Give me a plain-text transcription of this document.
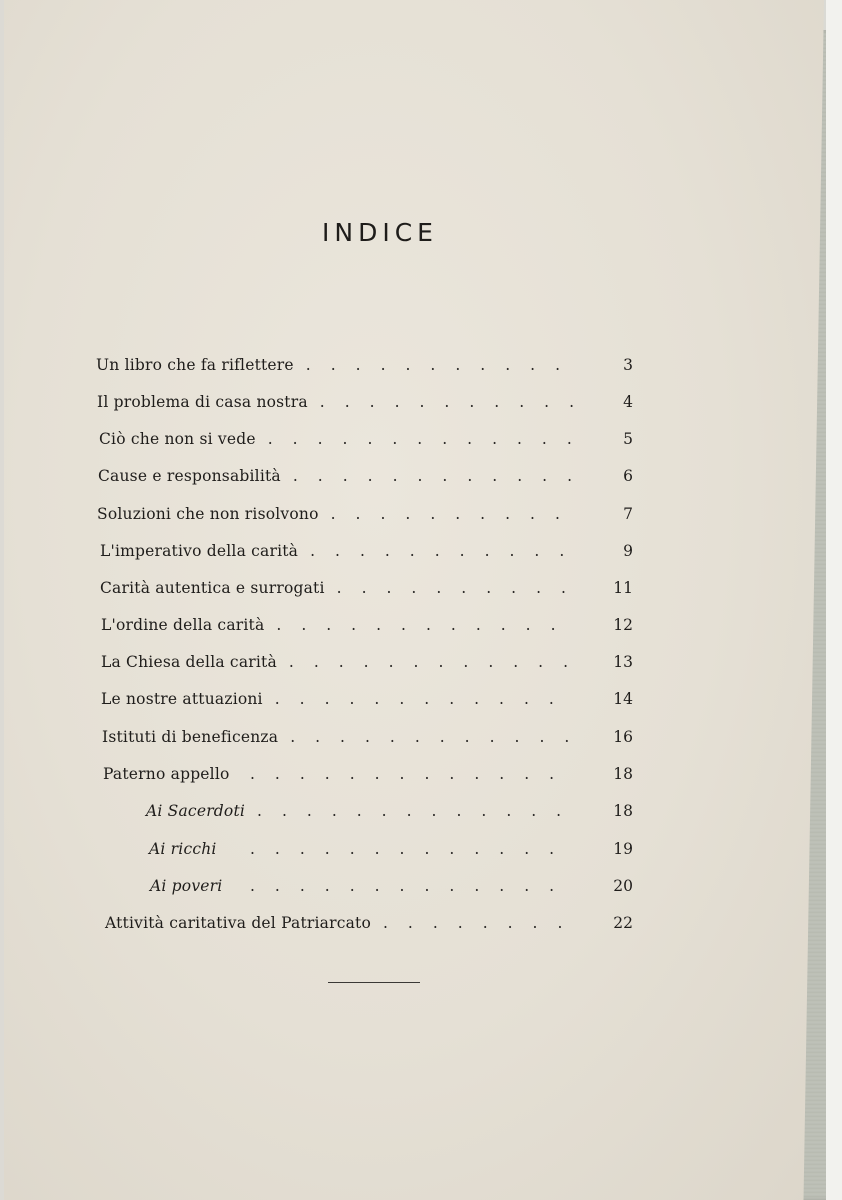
INDICE
Un libro che fa riflettere	3
...........
Il problema di casa nostra	4
...........
Ciò che non si vede	5
.............
Cause e responsabilità	6
............
Soluzioni che non risolvono	7
..........
L'imperativo della carità	9
...........
Carità autentica e surrogati	11
..........
L'ordine della carità	12
............
La Chiesa della carità	13
............
Le nostre attuazioni	14
............
Istituti di beneficenza	16
............
Paterno appello	18
.............
Ai Sacerdoti	18
.............
Ai ricchi	19
.............
Ai poveri	20
.............
Attività caritativa del Patriarcato	22
........
